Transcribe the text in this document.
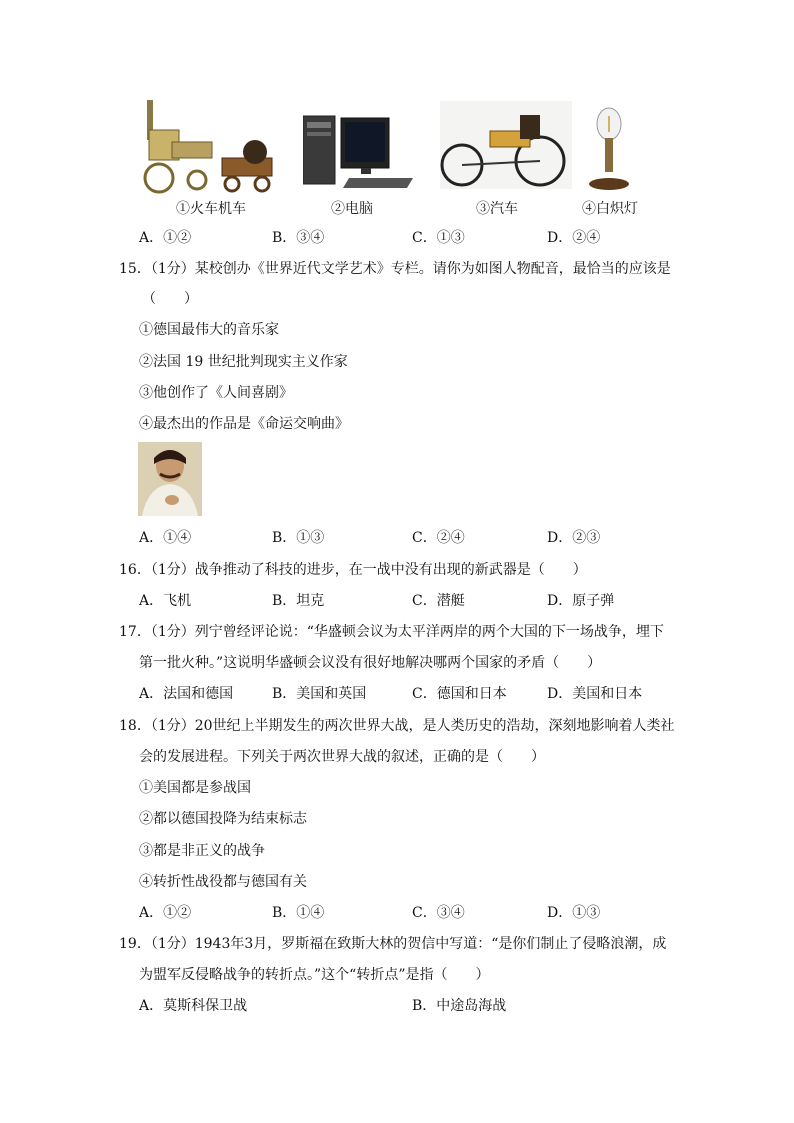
①火车机车	②电脑	③汽车	④白炽灯
A．①②	B．③④	C．①③	D．②④
15．（1分）某校创办《世界近代文学艺术》专栏。请你为如图人物配音，最恰当的应该是
（　　）
①德国最伟大的音乐家
②法国 19 世纪批判现实主义作家
③他创作了《人间喜剧》
④最杰出的作品是《命运交响曲》
A．①④	B．①③	C．②④	D．②③
16．（1分）战争推动了科技的进步，在一战中没有出现的新武器是（　　）
A．飞机	B．坦克	C．潜艇	D．原子弹
17．（1分）列宁曾经评论说：“华盛顿会议为太平洋两岸的两个大国的下一场战争，埋下
第一批火种。”这说明华盛顿会议没有很好地解决哪两个国家的矛盾（　　）
A．法国和德国	B．美国和英国	C．德国和日本	D．美国和日本
18．（1分）20世纪上半期发生的两次世界大战，是人类历史的浩劫，深刻地影响着人类社
会的发展进程。下列关于两次世界大战的叙述，正确的是（　　）
①美国都是参战国
②都以德国投降为结束标志
③都是非正义的战争
④转折性战役都与德国有关
A．①②	B．①④	C．③④	D．①③
19．（1分）1943年3月，罗斯福在致斯大林的贺信中写道：“是你们制止了侵略浪潮，成
为盟军反侵略战争的转折点。”这个“转折点”是指（　　）
A．莫斯科保卫战	B．中途岛海战
